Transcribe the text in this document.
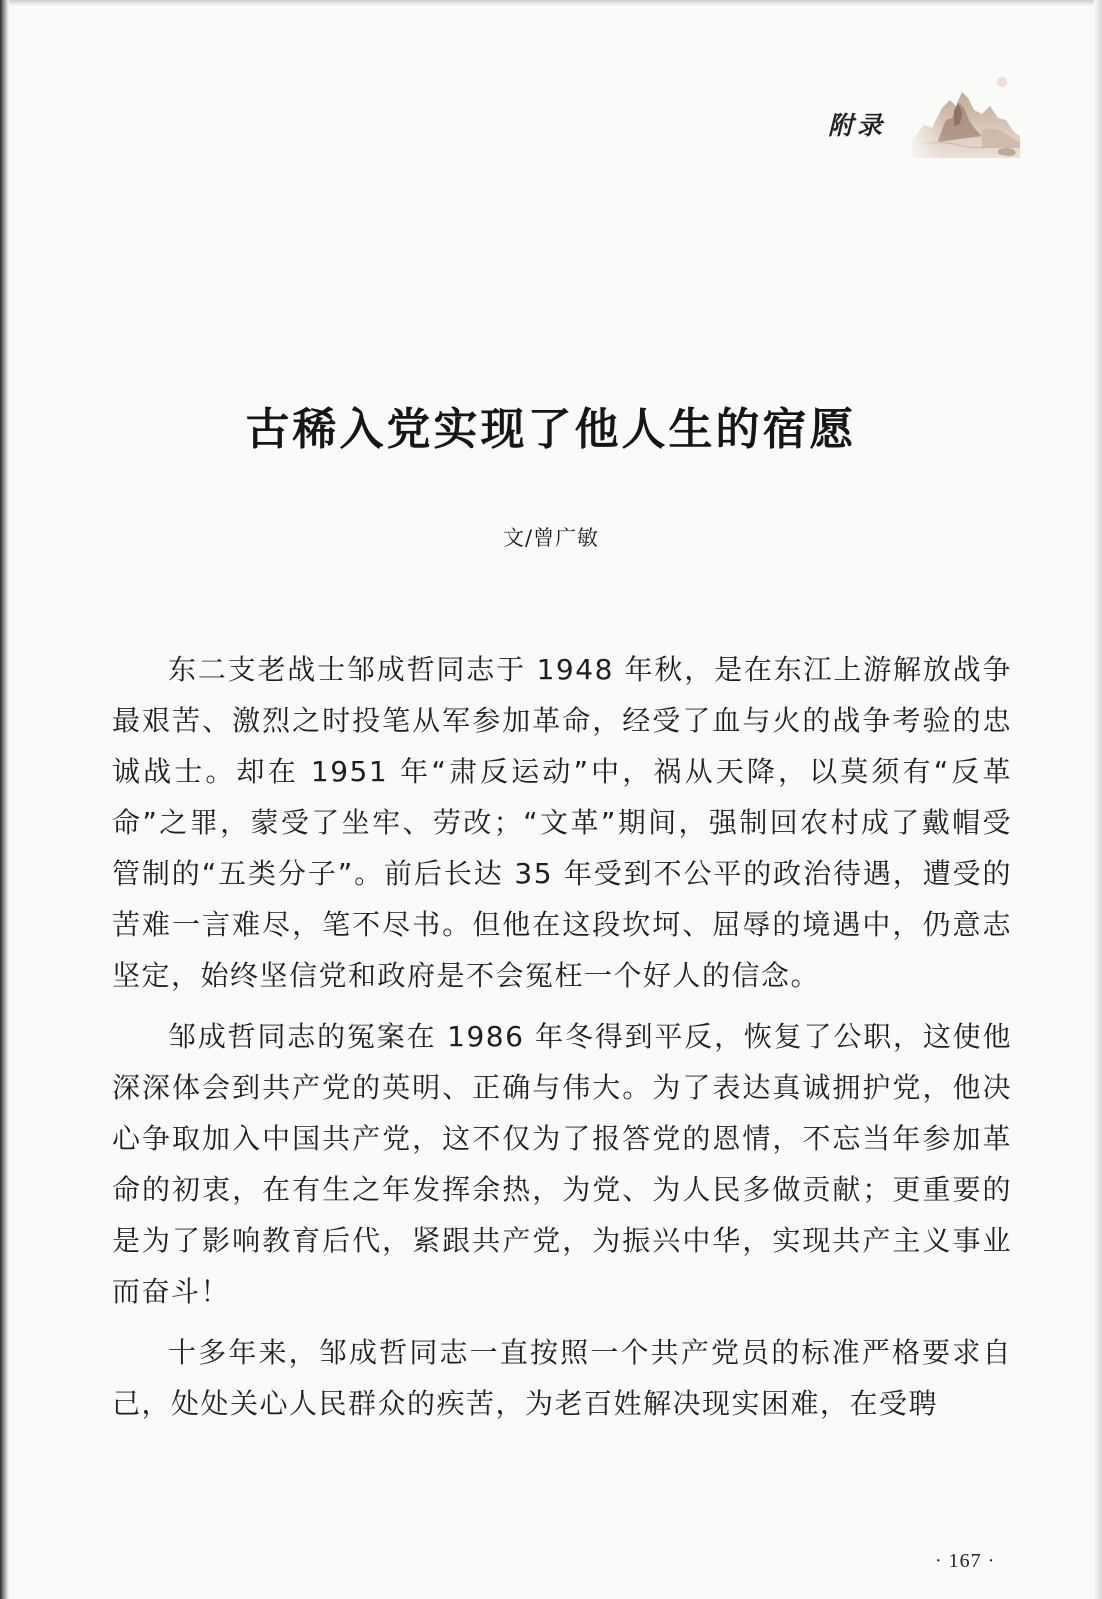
附录
古稀入党实现了他人生的宿愿
文/曾广敏

东二支老战士邹成哲同志于 1948 年秋，是在东江上游解放战争最艰苦、激烈之时投笔从军参加革命，经受了血与火的战争考验的忠诚战士。却在 1951 年“肃反运动”中，祸从天降，以莫须有“反革命”之罪，蒙受了坐牢、劳改；“文革”期间，强制回农村成了戴帽受管制的“五类分子”。前后长达 35 年受到不公平的政治待遇，遭受的苦难一言难尽，笔不尽书。但他在这段坎坷、屈辱的境遇中，仍意志坚定，始终坚信党和政府是不会冤枉一个好人的信念。

邹成哲同志的冤案在 1986 年冬得到平反，恢复了公职，这使他深深体会到共产党的英明、正确与伟大。为了表达真诚拥护党，他决心争取加入中国共产党，这不仅为了报答党的恩情，不忘当年参加革命的初衷，在有生之年发挥余热，为党、为人民多做贡献；更重要的是为了影响教育后代，紧跟共产党，为振兴中华，实现共产主义事业而奋斗！

十多年来，邹成哲同志一直按照一个共产党员的标准严格要求自己，处处关心人民群众的疾苦，为老百姓解决现实困难，在受聘

· 167 ·
